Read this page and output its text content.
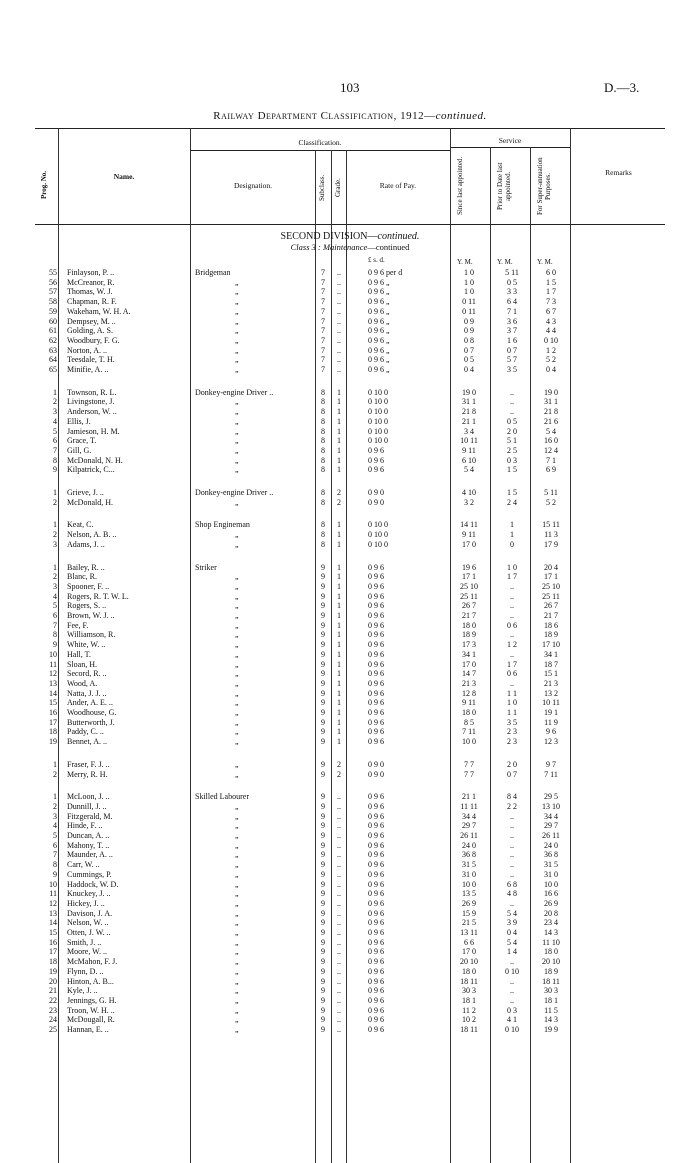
103	D.—3.
Railway Department Classification, 1912—continued.
Prog. No.	Name.
Classification.
Designation.	Subclass. Grade.	Rate of Pay.
Service
Since last appointed.	Prior to Date last appointed.	For Super-annuation Purposes.	Remarks
SECOND DIVISION—continued.
Class 3 : Maintenance—continued
£ s. d.	Y. M.	Y. M.	Y. M.
55 Finlayson, P. ..	Bridgeman	7	..	0 9 6 per d	1 0	5 11	6 0
56 McCreanor, R.	„	7	..	0 9 6 „	1 0	0 5	1 5
57 Thomas, W. J.	„	7	..	0 9 6 „	1 0	3 3	1 7
58 Chapman, R. F.	„	7	..	0 9 6 „	0 11	6 4	7 3
59 Wakeham, W. H. A.	„	7	..	0 9 6 „	0 11	7 1	6 7
60 Dempsey, M. ..	„	7	..	0 9 6 „	0 9	3 6	4 3
61 Golding, A. S.	„	7	..	0 9 6 „	0 9	3 7	4 4
62 Woodbury, F. G.	„	7	..	0 9 6 „	0 8	1 6	0 10
63 Norton, A. ..	„	7	..	0 9 6 „	0 7	0 7	1 2
64 Teesdale, T. H.	„	7	..	0 9 6 „	0 5	5 7	5 2
65 Minifie, A. ..	„	7	..	0 9 6 „	0 4	3 5	0 4
1 Townson, R. L.	Donkey-engine Driver ..	8	1	0 10 0	19 0	..	19 0
2 Livingstone, J.	„	8	1	0 10 0	31 1	..	31 1
3 Anderson, W. ..	„	8	1	0 10 0	21 8	..	21 8
4 Ellis, J.	„	8	1	0 10 0	21 1	0 5	21 6
5 Jamieson, H. M.	„	8	1	0 10 0	3 4	2 0	5 4
6 Grace, T.	„	8	1	0 10 0	10 11	5 1	16 0
7 Gill, G.	„	8	1	0 9 6	9 11	2 5	12 4
8 McDonald, N. H.	„	8	1	0 9 6	6 10	0 3	7 1
9 Kilpatrick, C...	„	8	1	0 9 6	5 4	1 5	6 9
1 Grieve, J. ..	Donkey-engine Driver ..	8	2	0 9 0	4 10	1 5	5 11
2 McDonald, H.	„	8	2	0 9 0	3 2	2 4	5 2
1 Keat, C.	Shop Engineman	8	1	0 10 0	14 11	1	15 11
2 Nelson, A. B. ..	„	8	1	0 10 0	9 11	1	11 3
3 Adams, J. ..	„	8	1	0 10 0	17 0	0	17 9
1 Bailey, R. ..	Striker	9	1	0 9 6	19 6	1 0	20 4
2 Blanc, R.	„	9	1	0 9 6	17 1	1 7	17 1
3 Spooner, F. ..	„	9	1	0 9 6	25 10	..	25 10
4 Rogers, R. T. W. L.	„	9	1	0 9 6	25 11	..	25 11
5 Rogers, S. ..	„	9	1	0 9 6	26 7	..	26 7
6 Brown, W. J. ..	„	9	1	0 9 6	21 7	..	21 7
7 Fee, F.	„	9	1	0 9 6	18 0	0 6	18 6
8 Williamson, R.	„	9	1	0 9 6	18 9	..	18 9
9 White, W. ..	„	9	1	0 9 6	17 3	1 2	17 10
10 Hall, T.	„	9	1	0 9 6	34 1	..	34 1
11 Sloan, H.	„	9	1	0 9 6	17 0	1 7	18 7
12 Secord, R. ..	„	9	1	0 9 6	14 7	0 6	15 1
13 Wood, A.	„	9	1	0 9 6	21 3	..	21 3
14 Natta, J. J. ..	„	9	1	0 9 6	12 8	1 1	13 2
15 Ander, A. E. ..	„	9	1	0 9 6	9 11	1 0	10 11
16 Woodhouse, G.	„	9	1	0 9 6	18 0	1 1	19 1
17 Butterworth, J.	„	9	1	0 9 6	8 5	3 5	11 9
18 Paddy, C. ..	„	9	1	0 9 6	7 11	2 3	9 6
19 Bennet, A. ..	„	9	1	0 9 6	10 0	2 3	12 3
1 Fraser, F. J. ..	„	9	2	0 9 0	7 7	2 0	9 7
2 Merry, R. H.	„	9	2	0 9 0	7 7	0 7	7 11
1 McLoon, J. ..	Skilled Labourer	9	..	0 9 6	21 1	8 4	29 5
2 Dunnill, J. ..	„	9	..	0 9 6	11 11	2 2	13 10
3 Fitzgerald, M.	„	9	..	0 9 6	34 4	..	34 4
4 Hinde, F. ..	„	9	..	0 9 6	29 7	..	29 7
5 Duncan, A. ..	„	9	..	0 9 6	26 11	..	26 11
6 Mahony, T. ..	„	9	..	0 9 6	24 0	..	24 0
7 Maunder, A. ..	„	9	..	0 9 6	36 8	..	36 8
8 Carr, W. ..	„	9	..	0 9 6	31 5	..	31 5
9 Cummings, P.	„	9	..	0 9 6	31 0	..	31 0
10 Haddock, W. D.	„	9	..	0 9 6	10 0	6 8	10 0
11 Knuckey, J. ..	„	9	..	0 9 6	13 5	4 8	16 6
12 Hickey, J. ..	„	9	..	0 9 6	26 9	..	26 9
13 Davison, J. A.	„	9	..	0 9 6	15 9	5 4	20 8
14 Nelson, W. ..	„	9	..	0 9 6	21 5	3 9	23 4
15 Otten, J. W. ..	„	9	..	0 9 6	13 11	0 4	14 3
16 Smith, J. ..	„	9	..	0 9 6	6 6	5 4	11 10
17 Moore, W. ..	„	9	..	0 9 6	17 0	1 4	18 0
18 McMahon, F. J.	„	9	..	0 9 6	20 10	..	20 10
19 Flynn, D. ..	„	9	..	0 9 6	18 0	0 10	18 9
20 Hinton, A. B...	„	9	..	0 9 6	18 11	..	18 11
21 Kyle, J. ..	„	9	..	0 9 6	30 3	..	30 3
22 Jennings, G. H.	„	9	..	0 9 6	18 1	..	18 1
23 Troon, W. H. ..	„	9	..	0 9 6	11 2	0 3	11 5
24 McDougall, R.	„	9	..	0 9 6	10 2	4 1	14 3
25 Hannan, E. ..	„	9	..	0 9 6	18 11	0 10	19 9
